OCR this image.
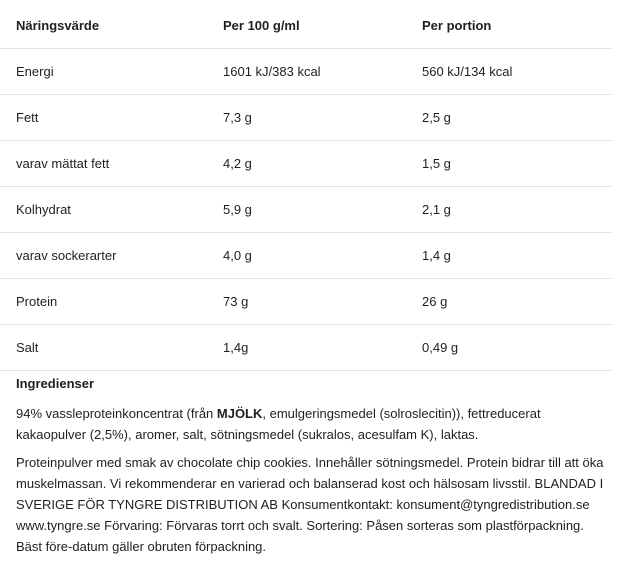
Näringsvärde	Per 100 g/ml	Per portion
Energi	1601 kJ/383 kcal	560 kJ/134 kcal
Fett	7,3 g	2,5 g
varav mättat fett	4,2 g	1,5 g
Kolhydrat	5,9 g	2,1 g
varav sockerarter	4,0 g	1,4 g
Protein	73 g	26 g
Salt	1,4g	0,49 g
Ingredienser

94% vassleproteinkoncentrat (från MJÖLK, emulgeringsmedel (solroslecitin)), fettreducerat kakaopulver (2,5%), aromer, salt, sötningsmedel (sukralos, acesulfam K), laktas.

Proteinpulver med smak av chocolate chip cookies. Innehåller sötningsmedel. Protein bidrar till att öka muskelmassan. Vi rekommenderar en varierad och balanserad kost och hälsosam livsstil. BLANDAD I SVERIGE FÖR TYNGRE DISTRIBUTION AB Konsumentkontakt: konsument@tyngredistribution.se www.tyngre.se Förvaring: Förvaras torrt och svalt. Sortering: Påsen sorteras som plastförpackning. Bäst före-datum gäller obruten förpackning.
